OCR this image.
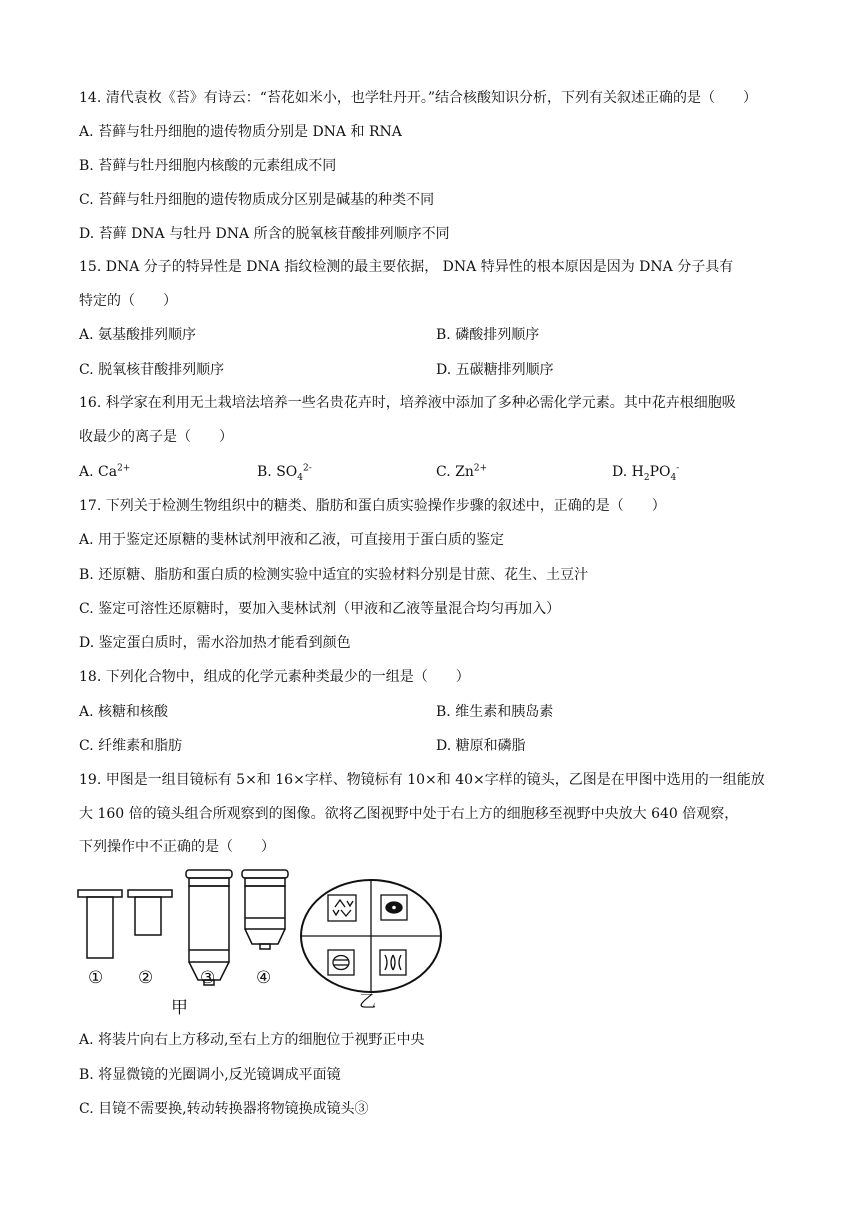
14. 清代袁枚《苔》有诗云：“苔花如米小，也学牡丹开。”结合核酸知识分析，下列有关叙述正确的是（　　）
A. 苔藓与牡丹细胞的遗传物质分别是 DNA 和 RNA
B. 苔藓与牡丹细胞内核酸的元素组成不同
C. 苔藓与牡丹细胞的遗传物质成分区别是碱基的种类不同
D. 苔藓 DNA 与牡丹 DNA 所含的脱氧核苷酸排列顺序不同
15. DNA 分子的特异性是 DNA 指纹检测的最主要依据， DNA 特异性的根本原因是因为 DNA 分子具有
特定的（　　）
A. 氨基酸排列顺序	B. 磷酸排列顺序
C. 脱氧核苷酸排列顺序	D. 五碳糖排列顺序
16. 科学家在利用无土栽培法培养一些名贵花卉时，培养液中添加了多种必需化学元素。其中花卉根细胞吸
收最少的离子是（　　）
A. $Ca^{2+}$	B. $SO_4^{2-}$	C. $Zn^{2+}$	D. $H_2PO_4^-$
17. 下列关于检测生物组织中的糖类、脂肪和蛋白质实验操作步骤的叙述中，正确的是（　　）
A. 用于鉴定还原糖的斐林试剂甲液和乙液，可直接用于蛋白质的鉴定
B. 还原糖、脂肪和蛋白质的检测实验中适宜的实验材料分别是甘蔗、花生、土豆汁
C. 鉴定可溶性还原糖时，要加入斐林试剂（甲液和乙液等量混合均匀再加入）
D. 鉴定蛋白质时，需水浴加热才能看到颜色
18. 下列化合物中，组成的化学元素种类最少的一组是（　　）
A. 核糖和核酸	B. 维生素和胰岛素
C. 纤维素和脂肪	D. 糖原和磷脂
19. 甲图是一组目镜标有 5×和 16×字样、物镜标有 10×和 40×字样的镜头，乙图是在甲图中选用的一组能放
大 160 倍的镜头组合所观察到的图像。欲将乙图视野中处于右上方的细胞移至视野中央放大 640 倍观察，
下列操作中不正确的是（　　）
① ②	③ ④
甲	乙
A. 将装片向右上方移动,至右上方的细胞位于视野正中央
B. 将显微镜的光圈调小,反光镜调成平面镜
C. 目镜不需要换,转动转换器将物镜换成镜头③
